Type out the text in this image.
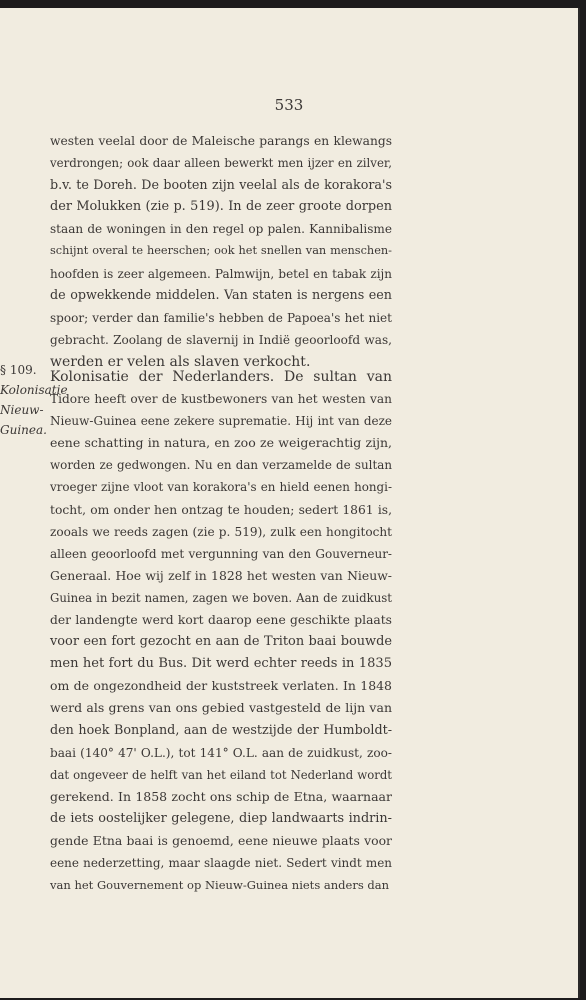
533
westen veelal door de Maleische parangs en klewangs
verdrongen; ook daar alleen bewerkt men ijzer en zilver,
b.v. te Doreh. De booten zijn veelal als de korakora's
der Molukken (zie p. 519). In de zeer groote dorpen
staan de woningen in den regel op palen. Kannibalisme
schijnt overal te heerschen; ook het snellen van menschen-
hoofden is zeer algemeen. Palmwijn, betel en tabak zijn
de opwekkende middelen. Van staten is nergens een
spoor; verder dan familie's hebben de Papoea's het niet
gebracht. Zoolang de slavernij in Indië geoorloofd was,
werden er velen als slaven verkocht.
§ 109.
Kolonisatie
Nieuw-
Guinea.
Kolonisatie der Nederlanders. De sultan van
Tidore heeft over de kustbewoners van het westen van
Nieuw-Guinea eene zekere suprematie. Hij int van deze
eene schatting in natura, en zoo ze weigerachtig zijn,
worden ze gedwongen. Nu en dan verzamelde de sultan
vroeger zijne vloot van korakora's en hield eenen hongi-
tocht, om onder hen ontzag te houden; sedert 1861 is,
zooals we reeds zagen (zie p. 519), zulk een hongitocht
alleen geoorloofd met vergunning van den Gouverneur-
Generaal. Hoe wij zelf in 1828 het westen van Nieuw-
Guinea in bezit namen, zagen we boven. Aan de zuidkust
der landengte werd kort daarop eene geschikte plaats
voor een fort gezocht en aan de Triton baai bouwde
men het fort du Bus. Dit werd echter reeds in 1835
om de ongezondheid der kuststreek verlaten. In 1848
werd als grens van ons gebied vastgesteld de lijn van
den hoek Bonpland, aan de westzijde der Humboldt-
baai (140° 47' O.L.), tot 141° O.L. aan de zuidkust, zoo-
dat ongeveer de helft van het eiland tot Nederland wordt
gerekend. In 1858 zocht ons schip de Etna, waarnaar
de iets oostelijker gelegene, diep landwaarts indrin-
gende Etna baai is genoemd, eene nieuwe plaats voor
eene nederzetting, maar slaagde niet. Sedert vindt men
van het Gouvernement op Nieuw-Guinea niets anders dan
